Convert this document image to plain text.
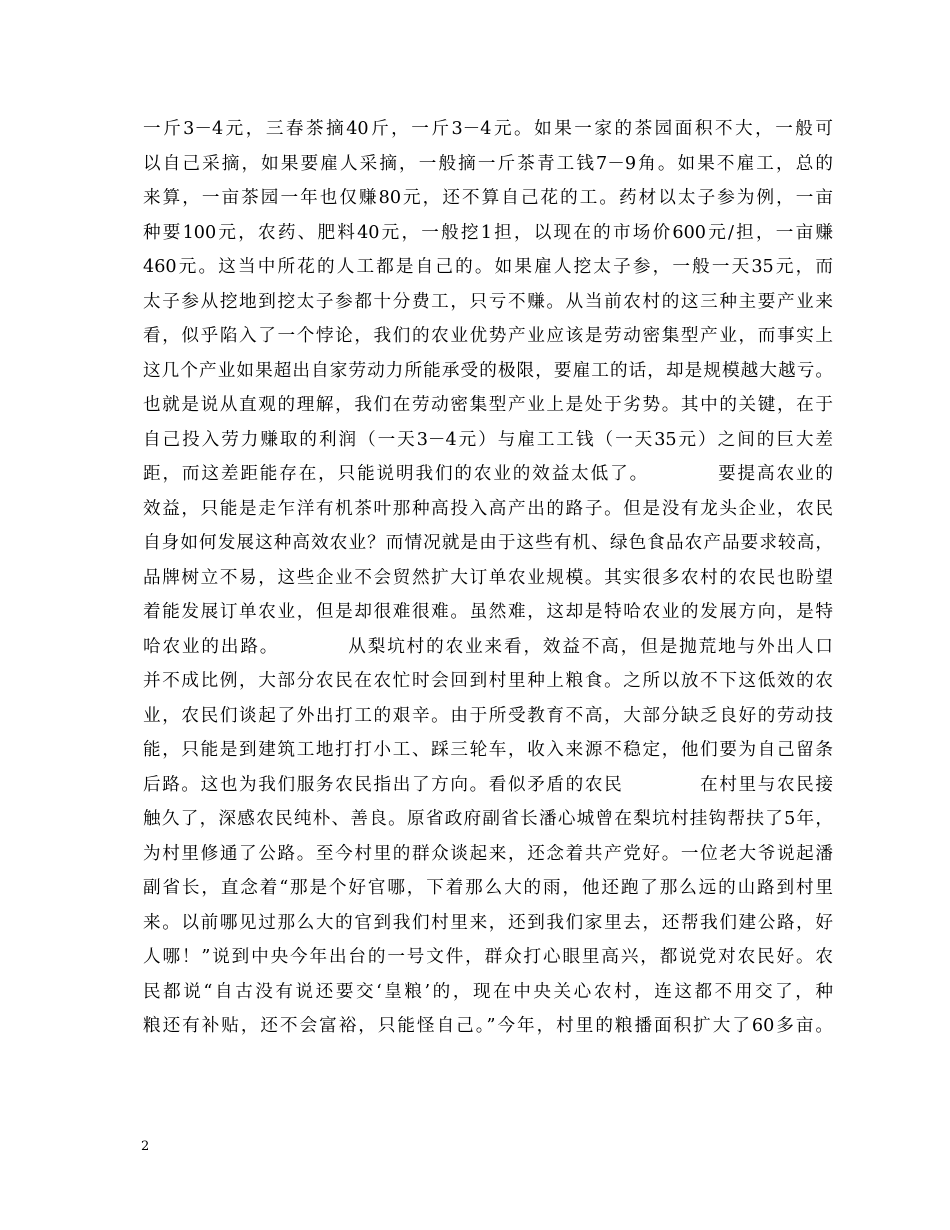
一斤3－4元，三春茶摘40斤，一斤3－4元。如果一家的茶园面积不大，一般可
以自己采摘，如果要雇人采摘，一般摘一斤茶青工钱7－9角。如果不雇工，总的
来算，一亩茶园一年也仅赚80元，还不算自己花的工。药材以太子参为例，一亩
种要100元，农药、肥料40元，一般挖1担，以现在的市场价600元/担，一亩赚
460元。这当中所花的人工都是自己的。如果雇人挖太子参，一般一天35元，而
太子参从挖地到挖太子参都十分费工，只亏不赚。从当前农村的这三种主要产业来
看，似乎陷入了一个悖论，我们的农业优势产业应该是劳动密集型产业，而事实上
这几个产业如果超出自家劳动力所能承受的极限，要雇工的话，却是规模越大越亏。
也就是说从直观的理解，我们在劳动密集型产业上是处于劣势。其中的关键，在于
自己投入劳力赚取的利润（一天3－4元）与雇工工钱（一天35元）之间的巨大差
距，而这差距能存在，只能说明我们的农业的效益太低了。　　　　要提高农业的
效益，只能是走乍洋有机茶叶那种高投入高产出的路子。但是没有龙头企业，农民
自身如何发展这种高效农业？而情况就是由于这些有机、绿色食品农产品要求较高，
品牌树立不易，这些企业不会贸然扩大订单农业规模。其实很多农村的农民也盼望
着能发展订单农业，但是却很难很难。虽然难，这却是特哈农业的发展方向，是特
哈农业的出路。　　　　从梨坑村的农业来看，效益不高，但是抛荒地与外出人口
并不成比例，大部分农民在农忙时会回到村里种上粮食。之所以放不下这低效的农
业，农民们谈起了外出打工的艰辛。由于所受教育不高，大部分缺乏良好的劳动技
能，只能是到建筑工地打打小工、踩三轮车，收入来源不稳定，他们要为自己留条
后路。这也为我们服务农民指出了方向。看似矛盾的农民　　　　在村里与农民接
触久了，深感农民纯朴、善良。原省政府副省长潘心城曾在梨坑村挂钩帮扶了5年，
为村里修通了公路。至今村里的群众谈起来，还念着共产党好。一位老大爷说起潘
副省长，直念着“那是个好官哪，下着那么大的雨，他还跑了那么远的山路到村里
来。以前哪见过那么大的官到我们村里来，还到我们家里去，还帮我们建公路，好
人哪！”说到中央今年出台的一号文件，群众打心眼里高兴，都说党对农民好。农
民都说“自古没有说还要交‘皇粮’的，现在中央关心农村，连这都不用交了，种
粮还有补贴，还不会富裕，只能怪自己。”今年，村里的粮播面积扩大了60多亩。
2
